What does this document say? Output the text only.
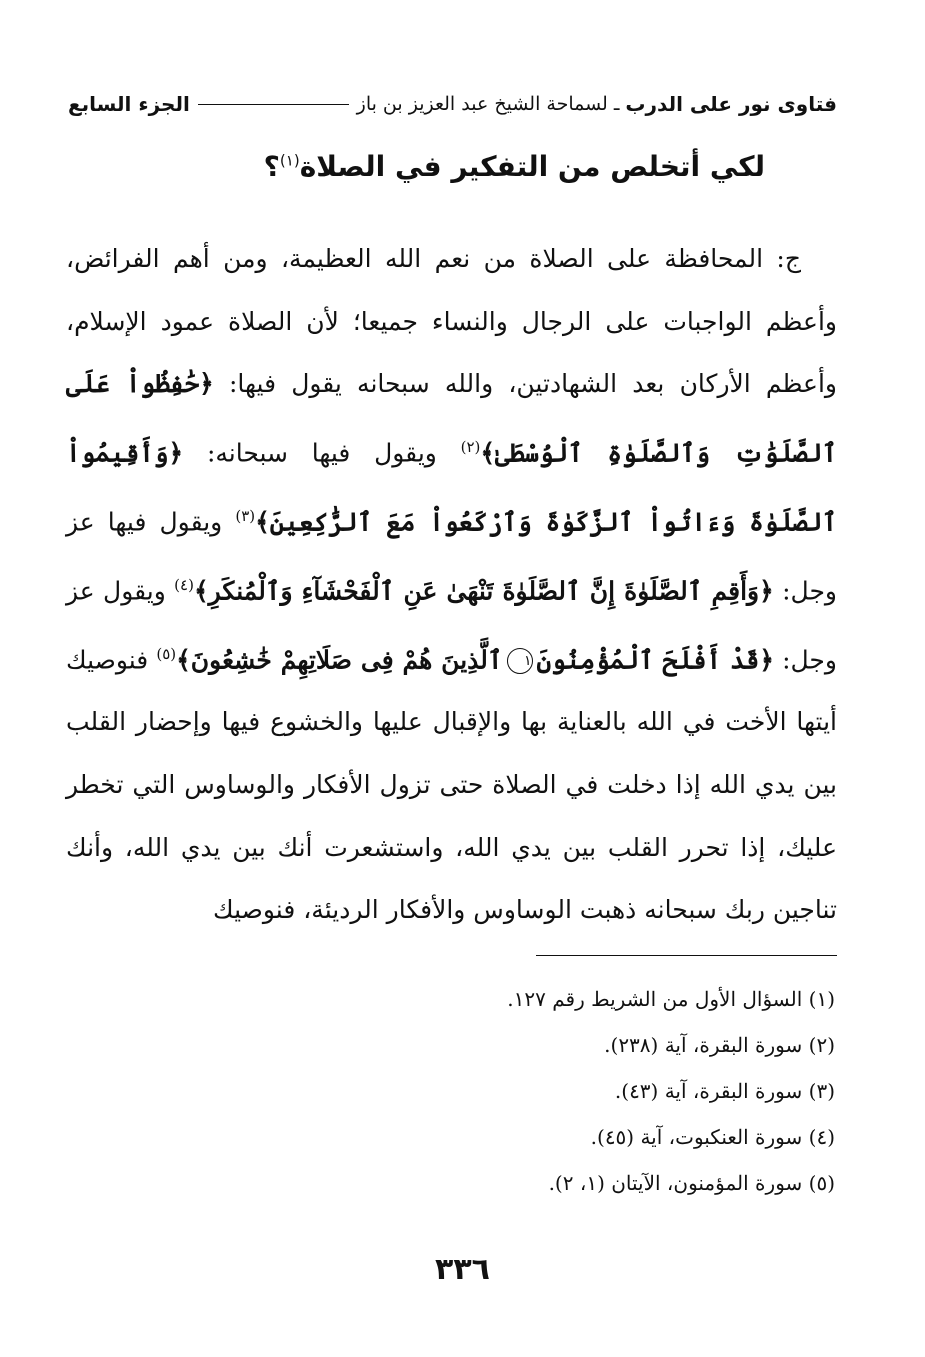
فتاوى نور على الدرب
ـ
لسماحة الشيخ عبد العزيز بن باز
الجزء السابع
لكي أتخلص من التفكير في الصلاة$^{(١)}$؟
ج: المحافظة على الصلاة من نعم الله العظيمة، ومن أهم الفرائض، وأعظم الواجبات على الرجال والنساء جميعا؛ لأن الصلاة عمود الإسلام، وأعظم الأركان بعد الشهادتين، والله سبحانه يقول فيها: ﴿حَٰفِظُواْ عَلَى ٱلصَّلَوَٰتِ وَٱلصَّلَوٰةِ ٱلْوُسْطَىٰ﴾$^{(٢)}$ ويقول فيها سبحانه: ﴿وَأَقِيمُواْ ٱلصَّلَوٰةَ وَءَاتُواْ ٱلزَّكَوٰةَ وَٱرْكَعُواْ مَعَ ٱلرَّٰكِعِينَ﴾$^{(٣)}$ ويقول فيها عز وجل: ﴿وَأَقِمِ ٱلصَّلَوٰةَ إِنَّ ٱلصَّلَوٰةَ تَنْهَىٰ عَنِ ٱلْفَحْشَآءِ وَٱلْمُنكَرِ﴾$^{(٤)}$ ويقول عز وجل: ﴿قَدْ أَفْلَحَ ٱلْمُؤْمِنُونَ١ٱلَّذِينَ هُمْ فِى صَلَاتِهِمْ خَٰشِعُونَ﴾$^{(٥)}$ فنوصيك أيتها الأخت في الله بالعناية بها والإقبال عليها والخشوع فيها وإحضار القلب بين يدي الله إذا دخلت في الصلاة حتى تزول الأفكار والوساوس التي تخطر عليك، إذا تحرر القلب بين يدي الله، واستشعرت أنك بين يدي الله، وأنك تناجين ربك سبحانه ذهبت الوساوس والأفكار الرديئة، فنوصيك
(١) السؤال الأول من الشريط رقم ١٢٧.
(٢) سورة البقرة، آية (٢٣٨).
(٣) سورة البقرة، آية (٤٣).
(٤) سورة العنكبوت، آية (٤٥).
(٥) سورة المؤمنون، الآيتان (١، ٢).
٣٣٦
